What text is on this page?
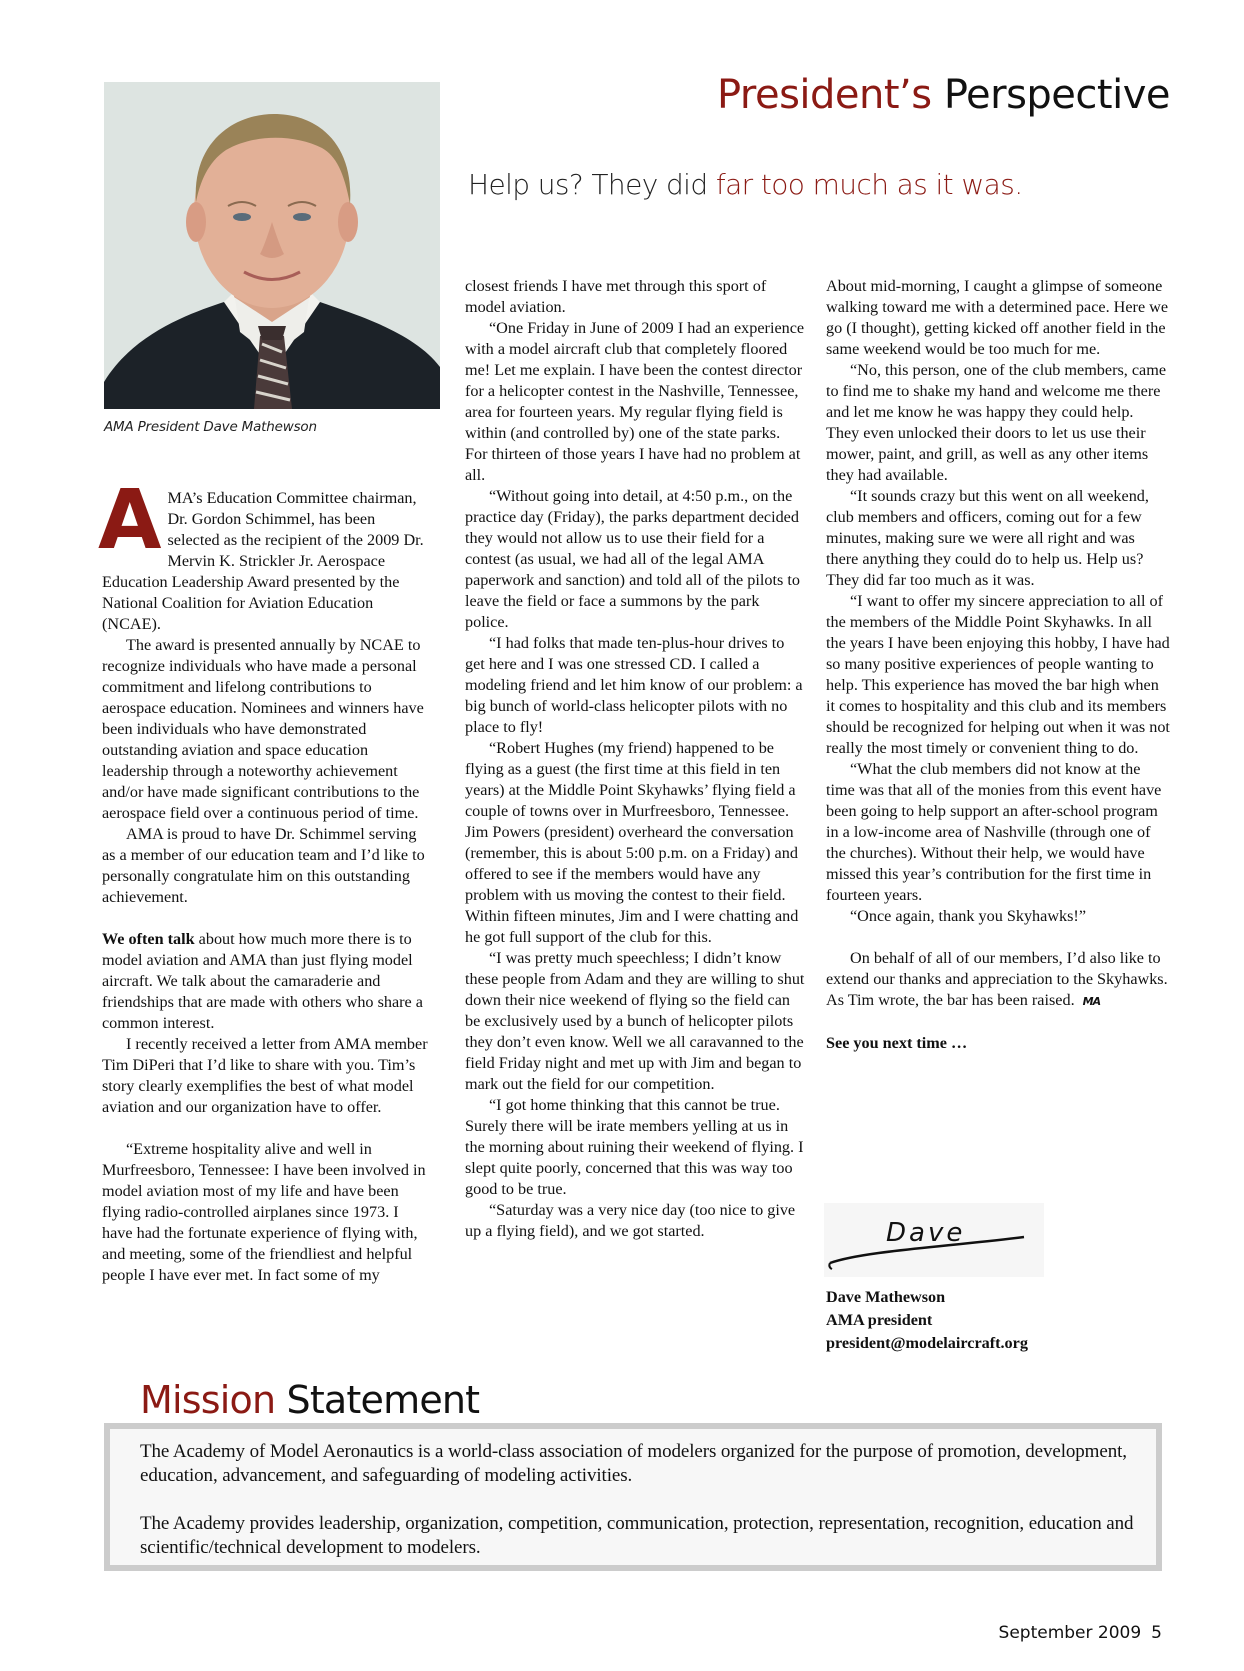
President’s Perspective
Help us? They did far too much as it was.
AMA President Dave Mathewson

AMA’s Education Committee chairman, Dr. Gordon Schimmel, has been selected as the recipient of the 2009 Dr. Mervin K. Strickler Jr. Aerospace Education Leadership Award presented by the National Coalition for Aviation Education (NCAE).

The award is presented annually by NCAE to recognize individuals who have made a personal commitment and lifelong contributions to aerospace education. Nominees and winners have been individuals who have demonstrated outstanding aviation and space education leadership through a noteworthy achievement and/or have made significant contributions to the aerospace field over a continuous period of time.

AMA is proud to have Dr. Schimmel serving as a member of our education team and I’d like to personally congratulate him on this outstanding achievement.

We often talk about how much more there is to model aviation and AMA than just flying model aircraft. We talk about the camaraderie and friendships that are made with others who share a common interest.

I recently received a letter from AMA member Tim DiPeri that I’d like to share with you. Tim’s story clearly exemplifies the best of what model aviation and our organization have to offer.

“Extreme hospitality alive and well in Murfreesboro, Tennessee: I have been involved in model aviation most of my life and have been flying radio-controlled airplanes since 1973. I have had the fortunate experience of flying with, and meeting, some of the friendliest and helpful people I have ever met. In fact some of my

closest friends I have met through this sport of model aviation.

“One Friday in June of 2009 I had an experience with a model aircraft club that completely floored me! Let me explain. I have been the contest director for a helicopter contest in the Nashville, Tennessee, area for fourteen years. My regular flying field is within (and controlled by) one of the state parks. For thirteen of those years I have had no problem at all.

“Without going into detail, at 4:50 p.m., on the practice day (Friday), the parks department decided they would not allow us to use their field for a contest (as usual, we had all of the legal AMA paperwork and sanction) and told all of the pilots to leave the field or face a summons by the park police.

“I had folks that made ten-plus-hour drives to get here and I was one stressed CD. I called a modeling friend and let him know of our problem: a big bunch of world-class helicopter pilots with no place to fly!

“Robert Hughes (my friend) happened to be flying as a guest (the first time at this field in ten years) at the Middle Point Skyhawks’ flying field a couple of towns over in Murfreesboro, Tennessee. Jim Powers (president) overheard the conversation (remember, this is about 5:00 p.m. on a Friday) and offered to see if the members would have any problem with us moving the contest to their field. Within fifteen minutes, Jim and I were chatting and he got full support of the club for this.

“I was pretty much speechless; I didn’t know these people from Adam and they are willing to shut down their nice weekend of flying so the field can be exclusively used by a bunch of helicopter pilots they don’t even know. Well we all caravanned to the field Friday night and met up with Jim and began to mark out the field for our competition.

“I got home thinking that this cannot be true. Surely there will be irate members yelling at us in the morning about ruining their weekend of flying. I slept quite poorly, concerned that this was way too good to be true.

“Saturday was a very nice day (too nice to give up a flying field), and we got started.

About mid-morning, I caught a glimpse of someone walking toward me with a determined pace. Here we go (I thought), getting kicked off another field in the same weekend would be too much for me.

“No, this person, one of the club members, came to find me to shake my hand and welcome me there and let me know he was happy they could help. They even unlocked their doors to let us use their mower, paint, and grill, as well as any other items they had available.

“It sounds crazy but this went on all weekend, club members and officers, coming out for a few minutes, making sure we were all right and was there anything they could do to help us. Help us? They did far too much as it was.

“I want to offer my sincere appreciation to all of the members of the Middle Point Skyhawks. In all the years I have been enjoying this hobby, I have had so many positive experiences of people wanting to help. This experience has moved the bar high when it comes to hospitality and this club and its members should be recognized for helping out when it was not really the most timely or convenient thing to do.

“What the club members did not know at the time was that all of the monies from this event have been going to help support an after-school program in a low-income area of Nashville (through one of the churches). Without their help, we would have missed this year’s contribution for the first time in fourteen years.

“Once again, thank you Skyhawks!”

On behalf of all of our members, I’d also like to extend our thanks and appreciation to the Skyhawks. As Tim wrote, the bar has been raised. MA

See you next time …

Dave
Dave Mathewson
AMA president
president@modelaircraft.org
Mission Statement

The Academy of Model Aeronautics is a world-class association of modelers organized for the purpose of promotion, development, education, advancement, and safeguarding of modeling activities.

The Academy provides leadership, organization, competition, communication, protection, representation, recognition, education and scientific/technical development to modelers.

September 2009 5
